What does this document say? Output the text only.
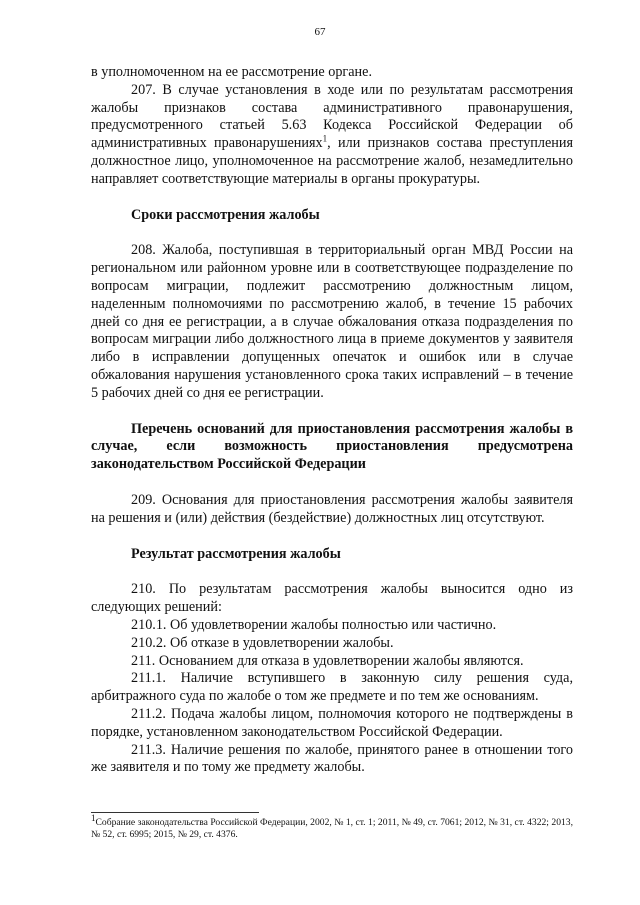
67

в уполномоченном на ее рассмотрение органе.

207. В случае установления в ходе или по результатам рассмотрения жалобы признаков состава административного правонарушения, предусмотренного статьей 5.63 Кодекса Российской Федерации об административных правонарушениях$^1$, или признаков состава преступления должностное лицо, уполномоченное на рассмотрение жалоб, незамедлительно направляет соответствующие материалы в органы прокуратуры.

Сроки рассмотрения жалобы

208. Жалоба, поступившая в территориальный орган МВД России на региональном или районном уровне или в соответствующее подразделение по вопросам миграции, подлежит рассмотрению должностным лицом, наделенным полномочиями по рассмотрению жалоб, в течение 15 рабочих дней со дня ее регистрации, а в случае обжалования отказа подразделения по вопросам миграции либо должностного лица в приеме документов у заявителя либо в исправлении допущенных опечаток и ошибок или в случае обжалования нарушения установленного срока таких исправлений – в течение 5 рабочих дней со дня ее регистрации.

Перечень оснований для приостановления рассмотрения жалобы в случае, если возможность приостановления предусмотрена законодательством Российской Федерации

209. Основания для приостановления рассмотрения жалобы заявителя на решения и (или) действия (бездействие) должностных лиц отсутствуют.

Результат рассмотрения жалобы

210. По результатам рассмотрения жалобы выносится одно из следующих решений:

210.1. Об удовлетворении жалобы полностью или частично.

210.2. Об отказе в удовлетворении жалобы.

211. Основанием для отказа в удовлетворении жалобы являются.

211.1. Наличие вступившего в законную силу решения суда, арбитражного суда по жалобе о том же предмете и по тем же основаниям.

211.2. Подача жалобы лицом, полномочия которого не подтверждены в порядке, установленном законодательством Российской Федерации.

211.3. Наличие решения по жалобе, принятого ранее в отношении того же заявителя и по тому же предмету жалобы.

$^1$Собрание законодательства Российской Федерации, 2002, № 1, ст. 1; 2011, № 49, ст. 7061; 2012, № 31, ст. 4322; 2013, № 52, ст. 6995; 2015, № 29, ст. 4376.
